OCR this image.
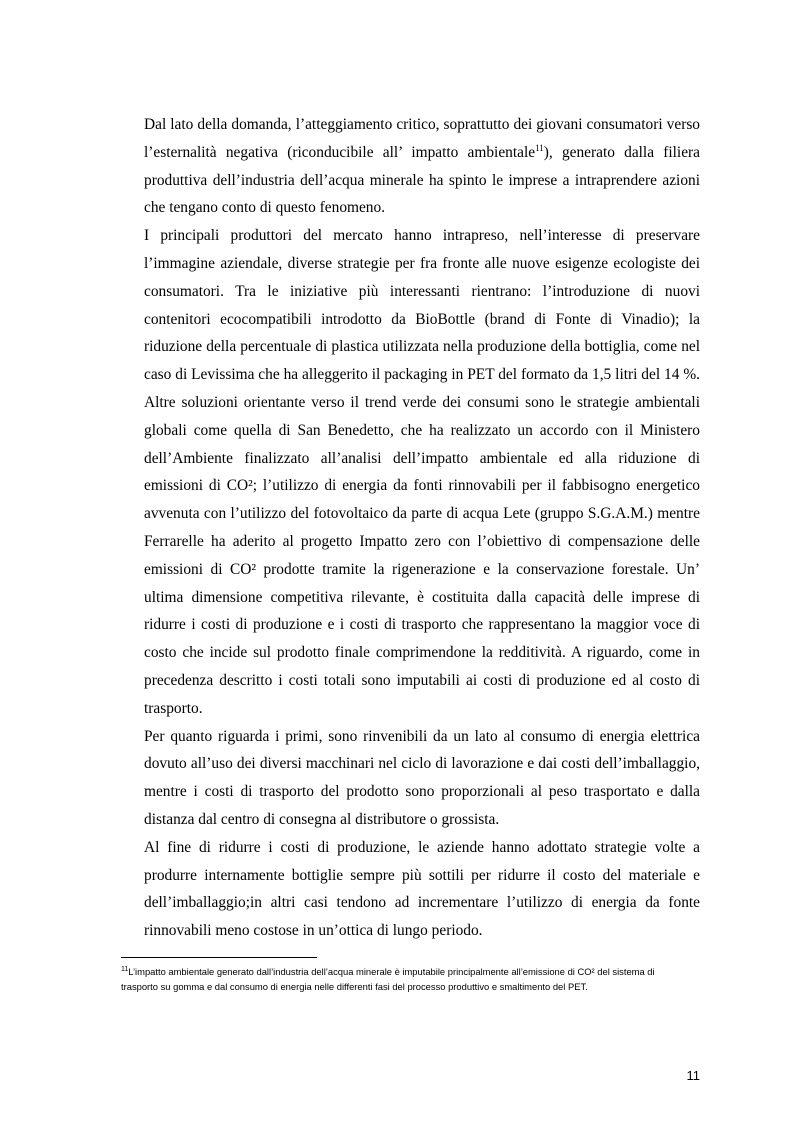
Dal lato della domanda, l’atteggiamento critico, soprattutto dei giovani consumatori verso l’esternalità negativa (riconducibile all’ impatto ambientale$^{11}$), generato dalla filiera produttiva dell’industria dell’acqua minerale ha spinto le imprese a intraprendere azioni che tengano conto di questo fenomeno.

I principali produttori del mercato hanno intrapreso, nell’interesse di preservare l’immagine aziendale, diverse strategie per fra fronte alle nuove esigenze ecologiste dei consumatori. Tra le iniziative più interessanti rientrano: l’introduzione di nuovi contenitori ecocompatibili introdotto da BioBottle (brand di Fonte di Vinadio); la riduzione della percentuale di plastica utilizzata nella produzione della bottiglia, come nel caso di Levissima che ha alleggerito il packaging in PET del formato da 1,5 litri del 14 %. Altre soluzioni orientante verso il trend verde dei consumi sono le strategie ambientali globali come quella di San Benedetto, che ha realizzato un accordo con il Ministero dell’Ambiente finalizzato all’analisi dell’impatto ambientale ed alla riduzione di emissioni di CO²; l’utilizzo di energia da fonti rinnovabili per il fabbisogno energetico avvenuta con l’utilizzo del fotovoltaico da parte di acqua Lete (gruppo S.G.A.M.) mentre Ferrarelle ha aderito al progetto Impatto zero con l’obiettivo di compensazione delle emissioni di CO² prodotte tramite la rigenerazione e la conservazione forestale. Un’ ultima dimensione competitiva rilevante, è costituita dalla capacità delle imprese di ridurre i costi di produzione e i costi di trasporto che rappresentano la maggior voce di costo che incide sul prodotto finale comprimendone la redditività. A riguardo, come in precedenza descritto i costi totali sono imputabili ai costi di produzione ed al costo di trasporto.

Per quanto riguarda i primi, sono rinvenibili da un lato al consumo di energia elettrica dovuto all’uso dei diversi macchinari nel ciclo di lavorazione e dai costi dell’imballaggio, mentre i costi di trasporto del prodotto sono proporzionali al peso trasportato e dalla distanza dal centro di consegna al distributore o grossista.

Al fine di ridurre i costi di produzione, le aziende hanno adottato strategie volte a produrre internamente bottiglie sempre più sottili per ridurre il costo del materiale e dell’imballaggio;in altri casi tendono ad incrementare l’utilizzo di energia da fonte rinnovabili meno costose in un’ottica di lungo periodo.

$^{11}$L’impatto ambientale generato dall’industria dell’acqua minerale è imputabile principalmente all’emissione di CO² del sistema di trasporto su gomma e dal consumo di energia nelle differenti fasi del processo produttivo e smaltimento del PET.
11
